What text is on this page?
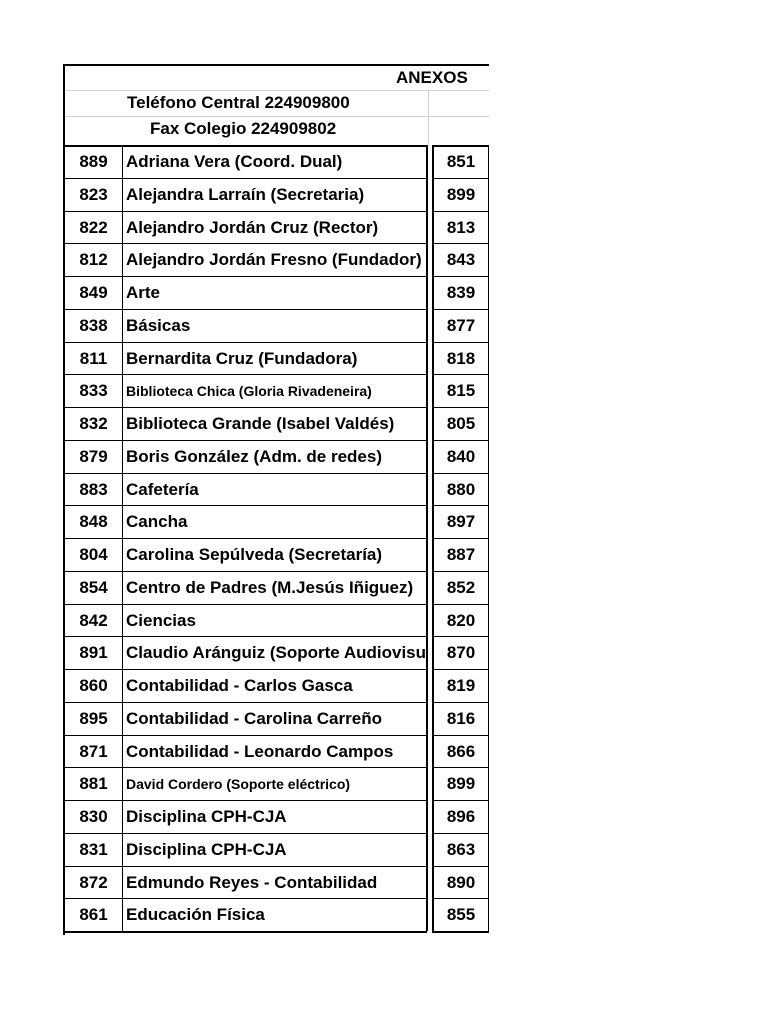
ANEXOS
Teléfono Central 224909800
Fax Colegio 224909802
889	Adriana Vera (Coord. Dual)	851
823	Alejandra Larraín (Secretaria)	899
822	Alejandro Jordán Cruz (Rector)	813
812	Alejandro Jordán Fresno (Fundador)	843
849	Arte	839
838	Básicas	877
811	Bernardita Cruz (Fundadora)	818
833	Biblioteca Chica (Gloria Rivadeneira)	815
832	Biblioteca Grande (Isabel Valdés)	805
879	Boris González (Adm. de redes)	840
883	Cafetería	880
848	Cancha	897
804	Carolina Sepúlveda (Secretaría)	887
854	Centro de Padres (M.Jesús Iñiguez)	852
842	Ciencias	820
891	Claudio Aránguiz (Soporte Audiovisu	870
860	Contabilidad - Carlos Gasca	819
895	Contabilidad - Carolina Carreño	816
871	Contabilidad - Leonardo Campos	866
881	David Cordero (Soporte eléctrico)	899
830	Disciplina CPH-CJA	896
831	Disciplina CPH-CJA	863
872	Edmundo Reyes - Contabilidad	890
861	Educación Física	855
